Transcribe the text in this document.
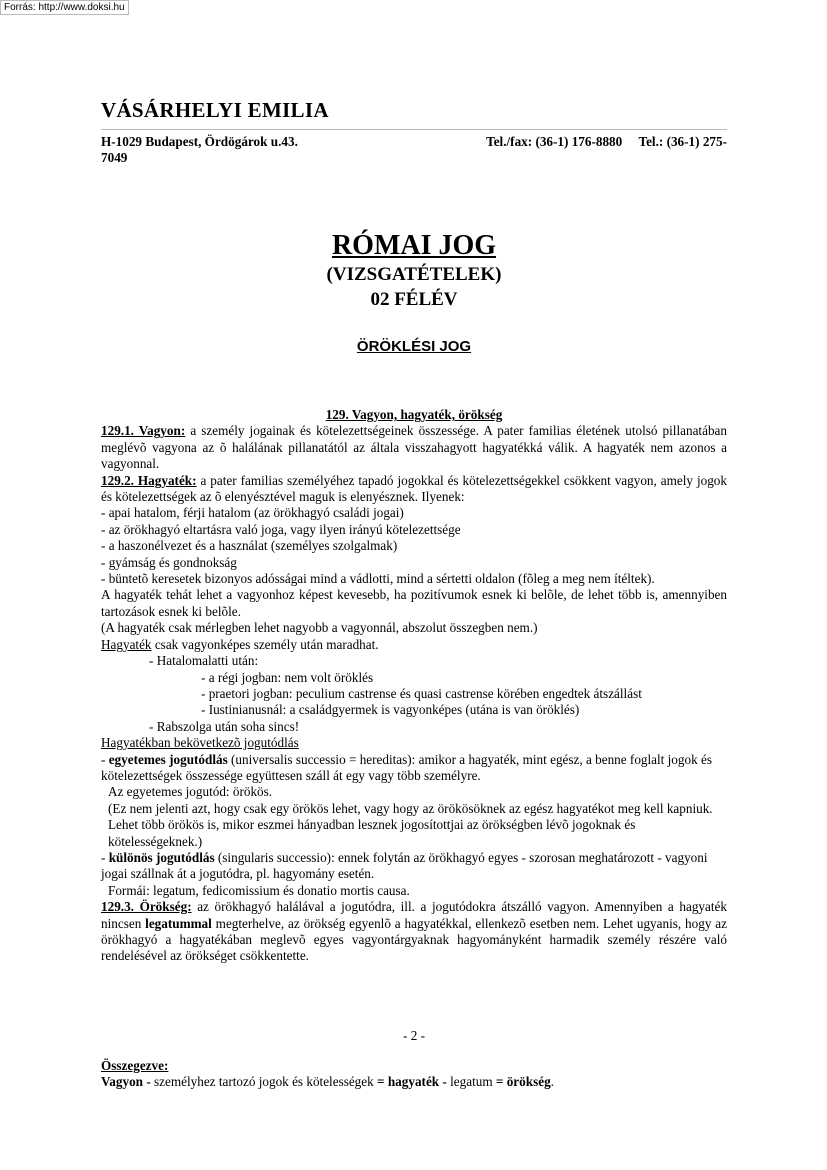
Forrás: http://www.doksi.hu
VÁSÁRHELYI EMILIA
H-1029 Budapest, Ördögárok u.43.	Tel./fax: (36-1) 176-8880     Tel.: (36-1) 275-
7049
RÓMAI JOG
(VIZSGATÉTELEK)
02 FÉLÉV
ÖRÖKLÉSI JOG
129. Vagyon, hagyaték, örökség
129.1. Vagyon: a személy jogainak és kötelezettségeinek összessége. A pater familias életének utolsó pillanatában meglévõ vagyona az õ halálának pillanatától az általa visszahagyott hagyatékká válik. A hagyaték nem azonos a vagyonnal.
129.2. Hagyaték: a pater familias személyéhez tapadó jogokkal és kötelezettségekkel csökkent vagyon, amely jogok és kötelezettségek az õ elenyésztével maguk is elenyésznek. Ilyenek:
- apai hatalom, férji hatalom (az örökhagyó családi jogai)
- az örökhagyó eltartásra való joga, vagy ilyen irányú kötelezettsége
- a haszonélvezet és a használat (személyes szolgalmak)
- gyámság és gondnokság
- büntetõ keresetek bizonyos adósságai mind a vádlotti, mind a sértetti oldalon (fõleg a meg nem ítéltek).
A hagyaték tehát lehet a vagyonhoz képest kevesebb, ha pozitívumok esnek ki belõle, de lehet több is, amennyiben tartozások esnek ki belõle.
(A hagyaték csak mérlegben lehet nagyobb a vagyonnál, abszolut összegben nem.)
Hagyaték csak vagyonképes személy után maradhat.
- Hatalomalatti után:
- a régi jogban: nem volt öröklés
- praetori jogban: peculium castrense és quasi castrense körében engedtek átszállást
- Iustinianusnál: a családgyermek is vagyonképes (utána is van öröklés)
- Rabszolga után soha sincs!
Hagyatékban bekövetkezõ jogutódlás
- egyetemes jogutódlás (universalis successio = hereditas): amikor a hagyaték, mint egész, a benne foglalt jogok és kötelezettségek összessége együttesen száll át egy vagy több személyre.
Az egyetemes jogutód: örökös.
(Ez nem jelenti azt, hogy csak egy örökös lehet, vagy hogy az örökösöknek az egész hagyatékot meg kell kapniuk. Lehet több örökös is, mikor eszmei hányadban lesznek jogosítottjai az örökségben lévõ jogoknak és kötelességeknek.)
- különös jogutódlás (singularis successio): ennek folytán az örökhagyó egyes - szorosan meghatározott - vagyoni jogai szállnak át a jogutódra, pl. hagyomány esetén.
Formái: legatum, fedicomissium és donatio mortis causa.
129.3. Örökség: az örökhagyó halálával a jogutódra, ill. a jogutódokra átszálló vagyon. Amennyiben a hagyaték nincsen legatummal megterhelve, az örökség egyenlõ a hagyatékkal, ellenkezõ esetben nem. Lehet ugyanis, hogy az örökhagyó a hagyatékában meglevõ egyes vagyontárgyaknak hagyományként harmadik személy részére való rendelésével az örökséget csökkentette.
- 2 -
Összegezve:
Vagyon - személyhez tartozó jogok és kötelességek = hagyaték - legatum = örökség.
